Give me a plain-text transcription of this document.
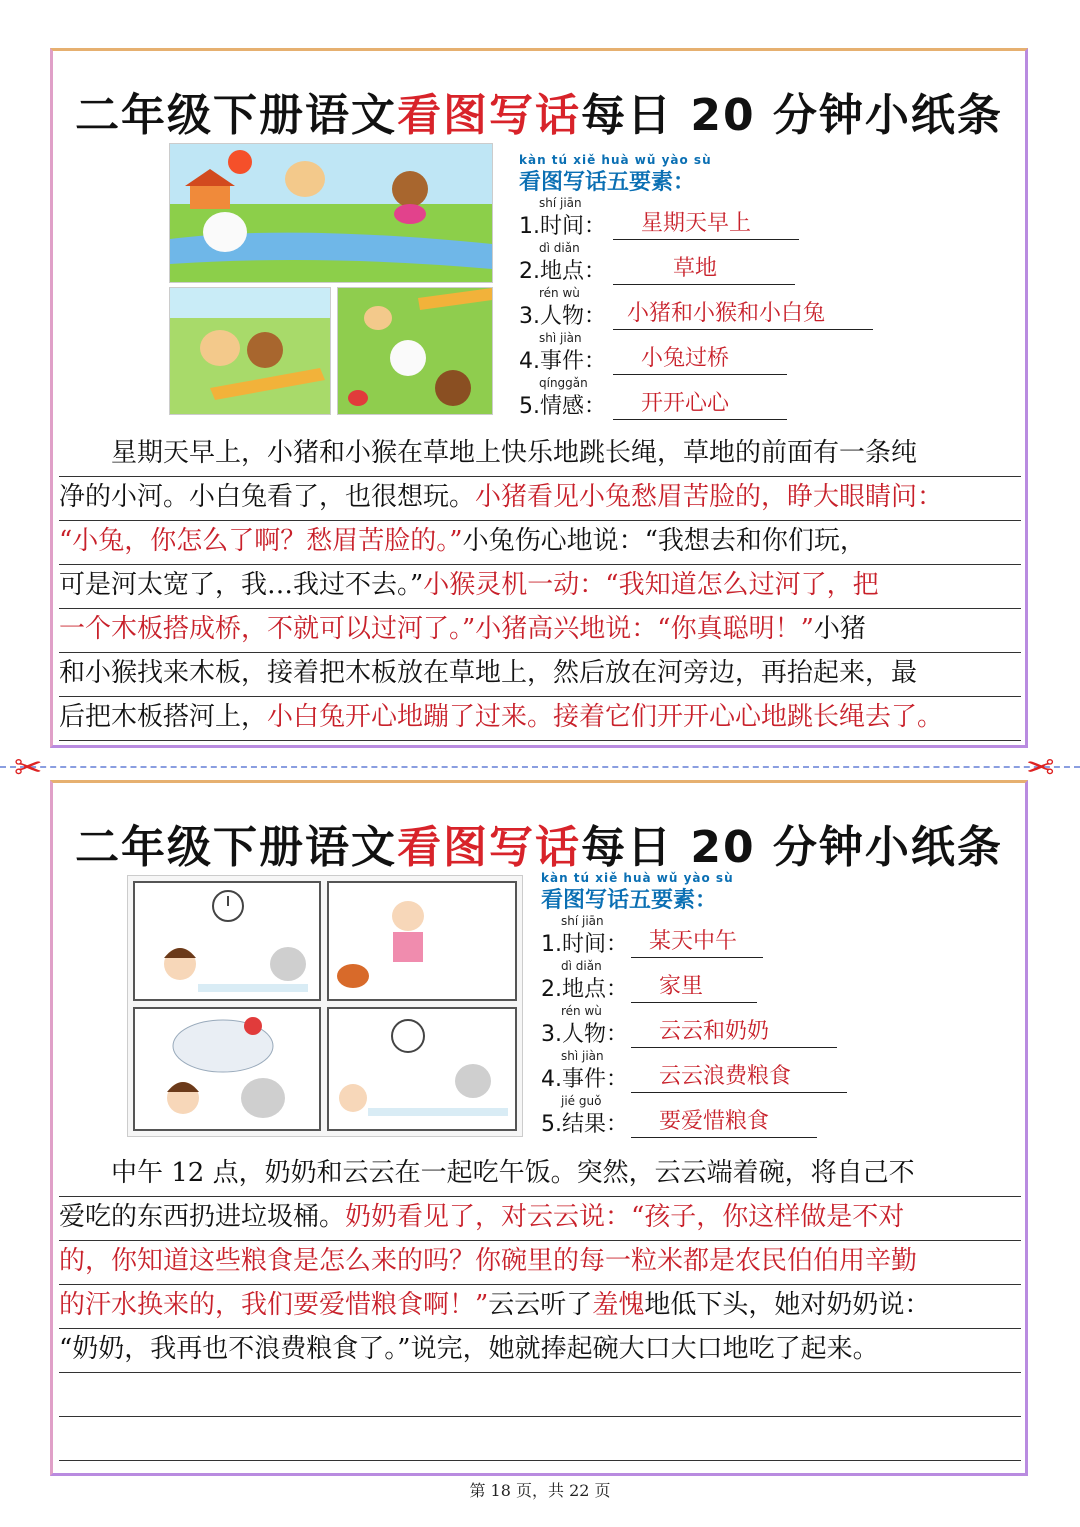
二年级下册语文看图写话每日 20 分钟小纸条
kàn tú xiě huà wǔ yào sù
看图写话五要素：
shí jiān
1.时间：	星期天早上
dì diǎn
2.地点：	草地
rén wù
3.人物： 小猪和小猴和小白兔
shì jiàn
4.事件：	小兔过桥
qínggǎn
5.情感：	开开心心
　　星期天早上，小猪和小猴在草地上快乐地跳长绳，草地的前面有一条纯
净的小河。小白兔看了，也很想玩。小猪看见小兔愁眉苦脸的，睁大眼睛问：
“小兔，你怎么了啊？愁眉苦脸的。”小兔伤心地说：“我想去和你们玩，
可是河太宽了，我…我过不去。”小猴灵机一动：“我知道怎么过河了，把
一个木板搭成桥，不就可以过河了。”小猪高兴地说：“你真聪明！”小猪
和小猴找来木板，接着把木板放在草地上，然后放在河旁边，再抬起来，最
后把木板搭河上，小白兔开心地蹦了过来。接着它们开开心心地跳长绳去了。
✂	✂
二年级下册语文看图写话每日 20 分钟小纸条
kàn tú xiě huà wǔ yào sù
看图写话五要素：
shí jiān
1.时间： 某天中午
dì diǎn
2.地点：	家里
rén wù
3.人物：	云云和奶奶
shì jiàn
4.事件：	云云浪费粮食
jié guǒ
5.结果：	要爱惜粮食
　　中午 12 点，奶奶和云云在一起吃午饭。突然，云云端着碗，将自己不
爱吃的东西扔进垃圾桶。奶奶看见了，对云云说：“孩子，你这样做是不对
的，你知道这些粮食是怎么来的吗？你碗里的每一粒米都是农民伯伯用辛勤
的汗水换来的，我们要爱惜粮食啊！”云云听了羞愧地低下头，她对奶奶说：
“奶奶，我再也不浪费粮食了。”说完，她就捧起碗大口大口地吃了起来。
第 18 页，共 22 页
